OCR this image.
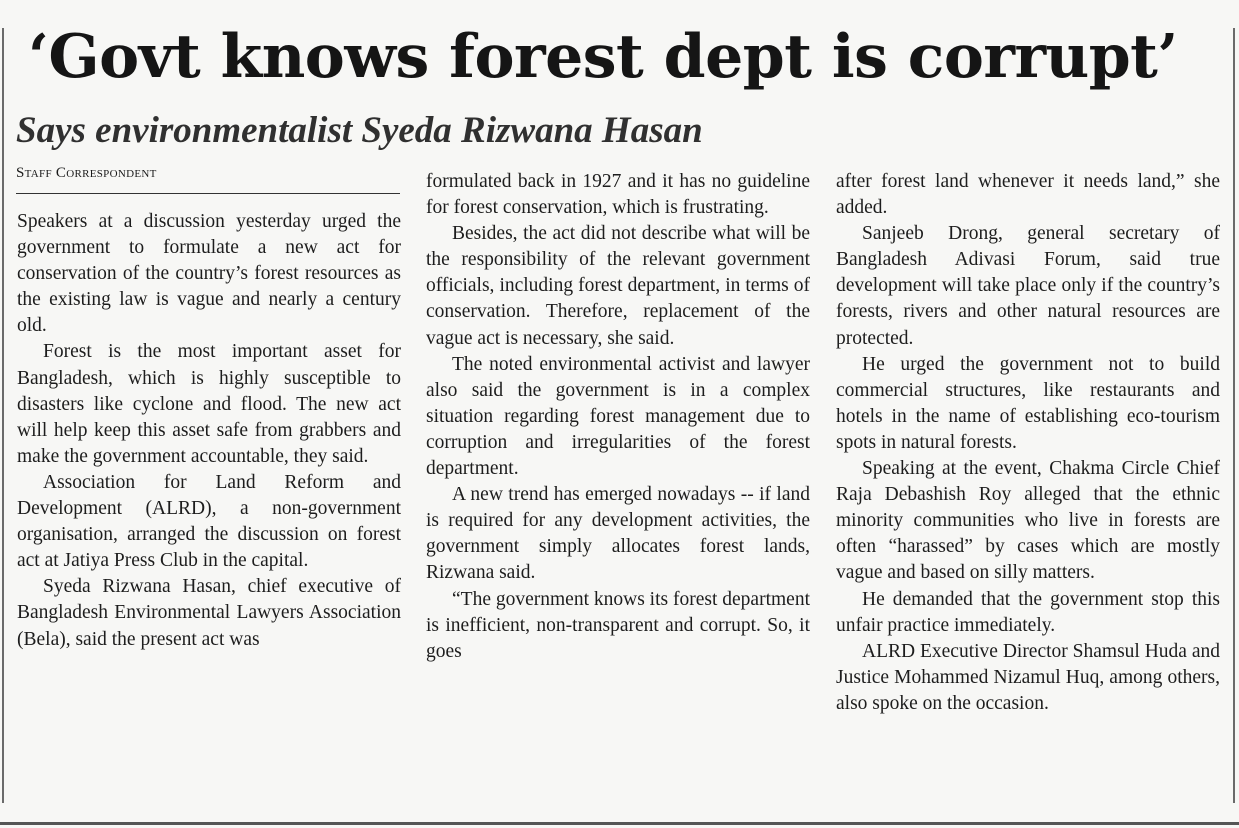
‘Govt knows forest dept is corrupt’
Says environmentalist Syeda Rizwana Hasan
Staff Correspondent

Speakers at a discussion yesterday urged the government to formulate a new act for conservation of the country’s forest resources as the existing law is vague and nearly a century old.

Forest is the most important asset for Bangladesh, which is highly susceptible to disasters like cyclone and flood. The new act will help keep this asset safe from grabbers and make the government accountable, they said.

Association for Land Reform and Development (ALRD), a non-government organisation, arranged the discussion on forest act at Jatiya Press Club in the capital.

Syeda Rizwana Hasan, chief executive of Bangladesh Environmental Lawyers Association (Bela), said the present act was

formulated back in 1927 and it has no guideline for forest conservation, which is frustrating.

Besides, the act did not describe what will be the responsibility of the relevant government officials, including forest department, in terms of conservation. Therefore, replacement of the vague act is necessary, she said.

The noted environmental activist and lawyer also said the government is in a complex situation regarding forest management due to corruption and irregularities of the forest department.

A new trend has emerged nowadays -- if land is required for any development activities, the government simply allocates forest lands, Rizwana said.

“The government knows its forest department is inefficient, non-transparent and corrupt. So, it goes

after forest land whenever it needs land,” she added.

Sanjeeb Drong, general secretary of Bangladesh Adivasi Forum, said true development will take place only if the country’s forests, rivers and other natural resources are protected.

He urged the government not to build commercial structures, like restaurants and hotels in the name of establishing eco-tourism spots in natural forests.

Speaking at the event, Chakma Circle Chief Raja Debashish Roy alleged that the ethnic minority communities who live in forests are often “harassed” by cases which are mostly vague and based on silly matters.

He demanded that the government stop this unfair practice immediately.

ALRD Executive Director Shamsul Huda and Justice Mohammed Nizamul Huq, among others, also spoke on the occasion.
